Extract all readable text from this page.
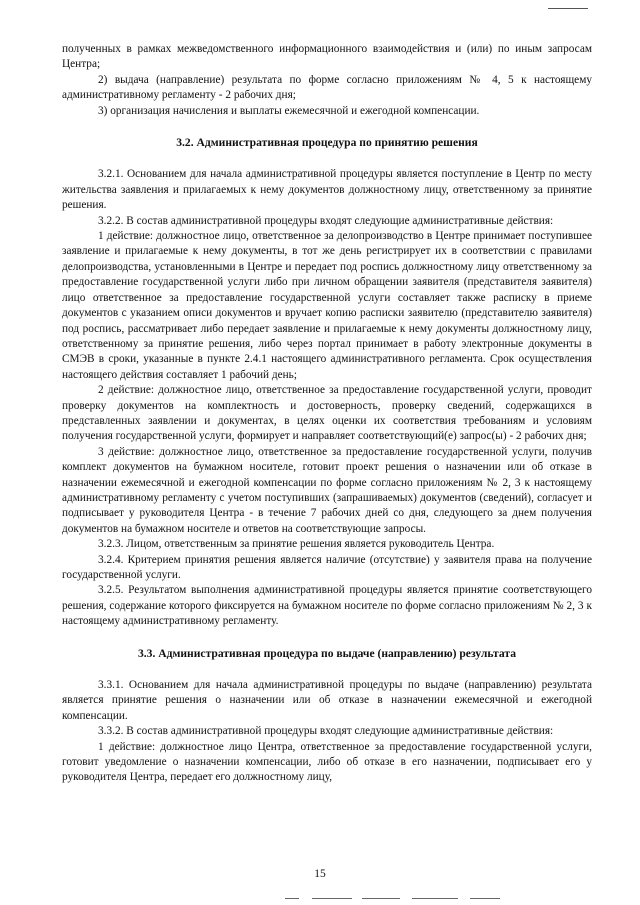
полученных в рамках межведомственного информационного взаимодействия и (или) по иным запросам Центра;

2) выдача (направление) результата по форме согласно приложениям № 4, 5 к настоящему административному регламенту - 2 рабочих дня;

3) организация начисления и выплаты ежемесячной и ежегодной компенсации.

3.2. Административная процедура по принятию решения

3.2.1. Основанием для начала административной процедуры является поступление в Центр по месту жительства заявления и прилагаемых к нему документов должностному лицу, ответственному за принятие решения.

3.2.2. В состав административной процедуры входят следующие административные действия:

1 действие: должностное лицо, ответственное за делопроизводство в Центре принимает поступившее заявление и прилагаемые к нему документы, в тот же день регистрирует их в соответствии с правилами делопроизводства, установленными в Центре и передает под роспись должностному лицу ответственному за предоставление государственной услуги либо при личном обращении заявителя (представителя заявителя) лицо ответственное за предоставление государственной услуги составляет также расписку в приеме документов с указанием описи документов и вручает копию расписки заявителю (представителю заявителя) под роспись, рассматривает либо передает заявление и прилагаемые к нему документы должностному лицу, ответственному за принятие решения, либо через портал принимает в работу электронные документы в СМЭВ в сроки, указанные в пункте 2.4.1 настоящего административного регламента. Срок осуществления настоящего действия составляет 1 рабочий день;

2 действие: должностное лицо, ответственное за предоставление государственной услуги, проводит проверку документов на комплектность и достоверность, проверку сведений, содержащихся в представленных заявлении и документах, в целях оценки их соответствия требованиям и условиям получения государственной услуги, формирует и направляет соответствующий(е) запрос(ы) - 2 рабочих дня;

3 действие: должностное лицо, ответственное за предоставление государственной услуги, получив комплект документов на бумажном носителе, готовит проект решения о назначении или об отказе в назначении ежемесячной и ежегодной компенсации по форме согласно приложениям № 2, 3 к настоящему административному регламенту с учетом поступивших (запрашиваемых) документов (сведений), согласует и подписывает у руководителя Центра - в течение 7 рабочих дней со дня, следующего за днем получения документов на бумажном носителе и ответов на соответствующие запросы.

3.2.3. Лицом, ответственным за принятие решения является руководитель Центра.

3.2.4. Критерием принятия решения является наличие (отсутствие) у заявителя права на получение государственной услуги.

3.2.5. Результатом выполнения административной процедуры является принятие соответствующего решения, содержание которого фиксируется на бумажном носителе по форме согласно приложениям № 2, 3 к настоящему административному регламенту.

3.3. Административная процедура по выдаче (направлению) результата

3.3.1. Основанием для начала административной процедуры по выдаче (направлению) результата является принятие решения о назначении или об отказе в назначении ежемесячной и ежегодной компенсации.

3.3.2. В состав административной процедуры входят следующие административные действия:

1 действие: должностное лицо Центра, ответственное за предоставление государственной услуги, готовит уведомление о назначении компенсации, либо об отказе в его назначении, подписывает его у руководителя Центра, передает его должностному лицу,

15
